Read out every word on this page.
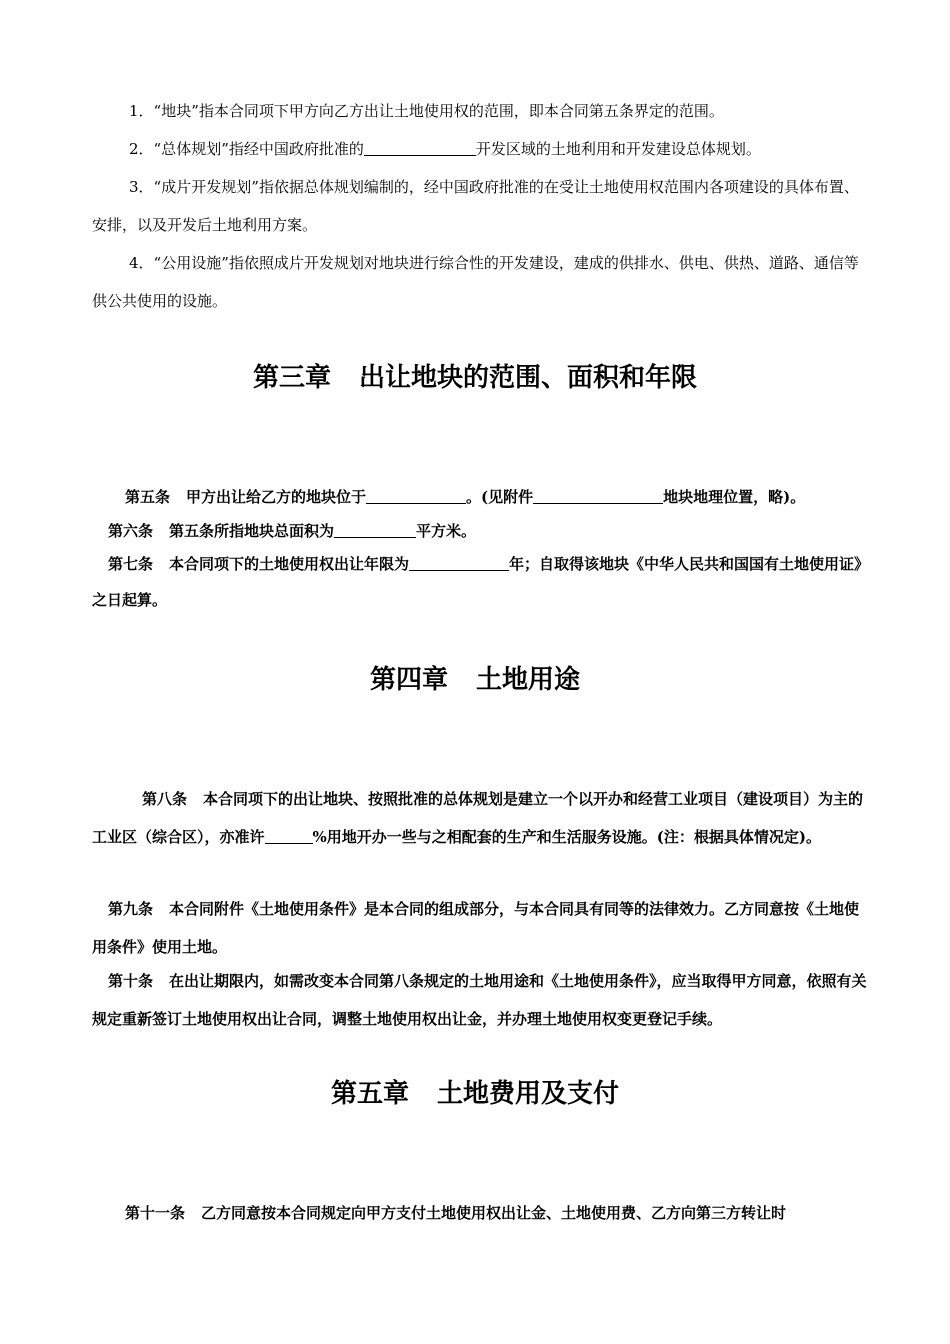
1．“地块”指本合同项下甲方向乙方出让土地使用权的范围，即本合同第五条界定的范围。

2．“总体规划”指经中国政府批准的	开发区域的土地利用和开发建设总体规划。

3．“成片开发规划”指依据总体规划编制的，经中国政府批准的在受让土地使用权范围内各项建设的具体布置、安排，以及开发后土地利用方案。

4．“公用设施”指依照成片开发规划对地块进行综合性的开发建设，建成的供排水、供电、供热、道路、通信等供公共使用的设施。

第三章 出让地块的范围、面积和年限

第五条 甲方出让给乙方的地块位于	。(见附件	地块地理位置，略)。

第六条 第五条所指地块总面积为	平方米。

第七条 本合同项下的土地使用权出让年限为	年；自取得该地块《中华人民共和国国有土地使用证》之日起算。

第四章 土地用途

第八条 本合同项下的出让地块、按照批准的总体规划是建立一个以开办和经营工业项目（建设项目）为主的工业区（综合区），亦准许	%用地开办一些与之相配套的生产和生活服务设施。(注：根据具体情况定)。

第九条 本合同附件《土地使用条件》是本合同的组成部分，与本合同具有同等的法律效力。乙方同意按《土地使用条件》使用土地。

第十条 在出让期限内，如需改变本合同第八条规定的土地用途和《土地使用条件》，应当取得甲方同意，依照有关规定重新签订土地使用权出让合同，调整土地使用权出让金，并办理土地使用权变更登记手续。

第五章 土地费用及支付

第十一条 乙方同意按本合同规定向甲方支付土地使用权出让金、土地使用费、乙方向第三方转让时
